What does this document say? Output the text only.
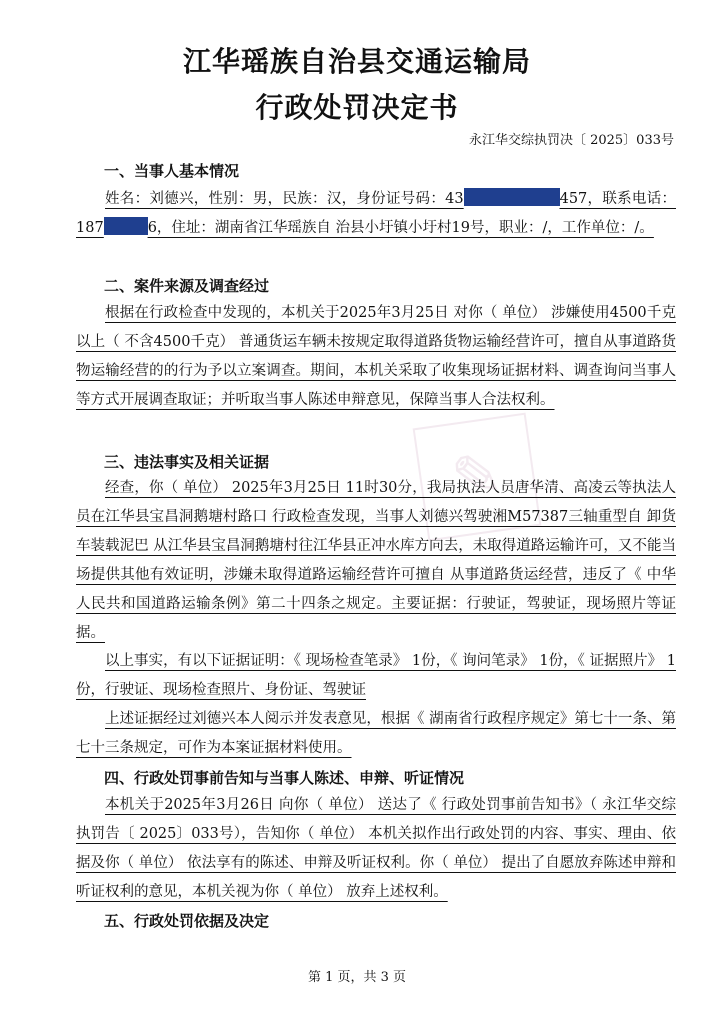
江华瑶族自治县交通运输局
行政处罚决定书
永江华交综执罚决〔 2025〕033号
✎
一、当事人基本情况
姓名：刘德兴，性别：男，民族：汉，身份证号码：43	457，联系电话：187	6，住址：湖南省江华瑶族自 治县小圩镇小圩村19号，职业：/，工作单位：/。
二、案件来源及调查经过
根据在行政检查中发现的，本机关于2025年3月25日 对你（ 单位） 涉嫌使用4500千克以上（ 不含4500千克） 普通货运车辆未按规定取得道路货物运输经营许可，擅自从事道路货物运输经营的的行为予以立案调查。期间，本机关采取了收集现场证据材料、调查询问当事人等方式开展调查取证；并听取当事人陈述申辩意见，保障当事人合法权利。
三、违法事实及相关证据
经查，你（ 单位） 2025年3月25日 11时30分，我局执法人员唐华清、高凌云等执法人员在江华县宝昌洞鹅塘村路口 行政检查发现，当事人刘德兴驾驶湘M57387三轴重型自 卸货车装载泥巴 从江华县宝昌洞鹅塘村往江华县正冲水库方向去，未取得道路运输许可，又不能当场提供其他有效证明，涉嫌未取得道路运输经营许可擅自 从事道路货运经营，违反了《 中华人民共和国道路运输条例》第二十四条之规定。主要证据：行驶证，驾驶证，现场照片等证据。
以上事实，有以下证据证明：《 现场检查笔录》 1份，《 询问笔录》 1份，《 证据照片》 1份，行驶证、现场检查照片、身份证、驾驶证
上述证据经过刘德兴本人阅示并发表意见，根据《 湖南省行政程序规定》第七十一条、第七十三条规定，可作为本案证据材料使用。
四、行政处罚事前告知与当事人陈述、申辩、听证情况
本机关于2025年3月26日 向你（ 单位） 送达了《 行政处罚事前告知书》（ 永江华交综执罚告〔 2025〕033号），告知你（ 单位） 本机关拟作出行政处罚的内容、事实、理由、依据及你（ 单位） 依法享有的陈述、申辩及听证权利。你（ 单位） 提出了自愿放弃陈述申辩和听证权利的意见，本机关视为你（ 单位） 放弃上述权利。
五、行政处罚依据及决定
第 1 页，共 3 页
